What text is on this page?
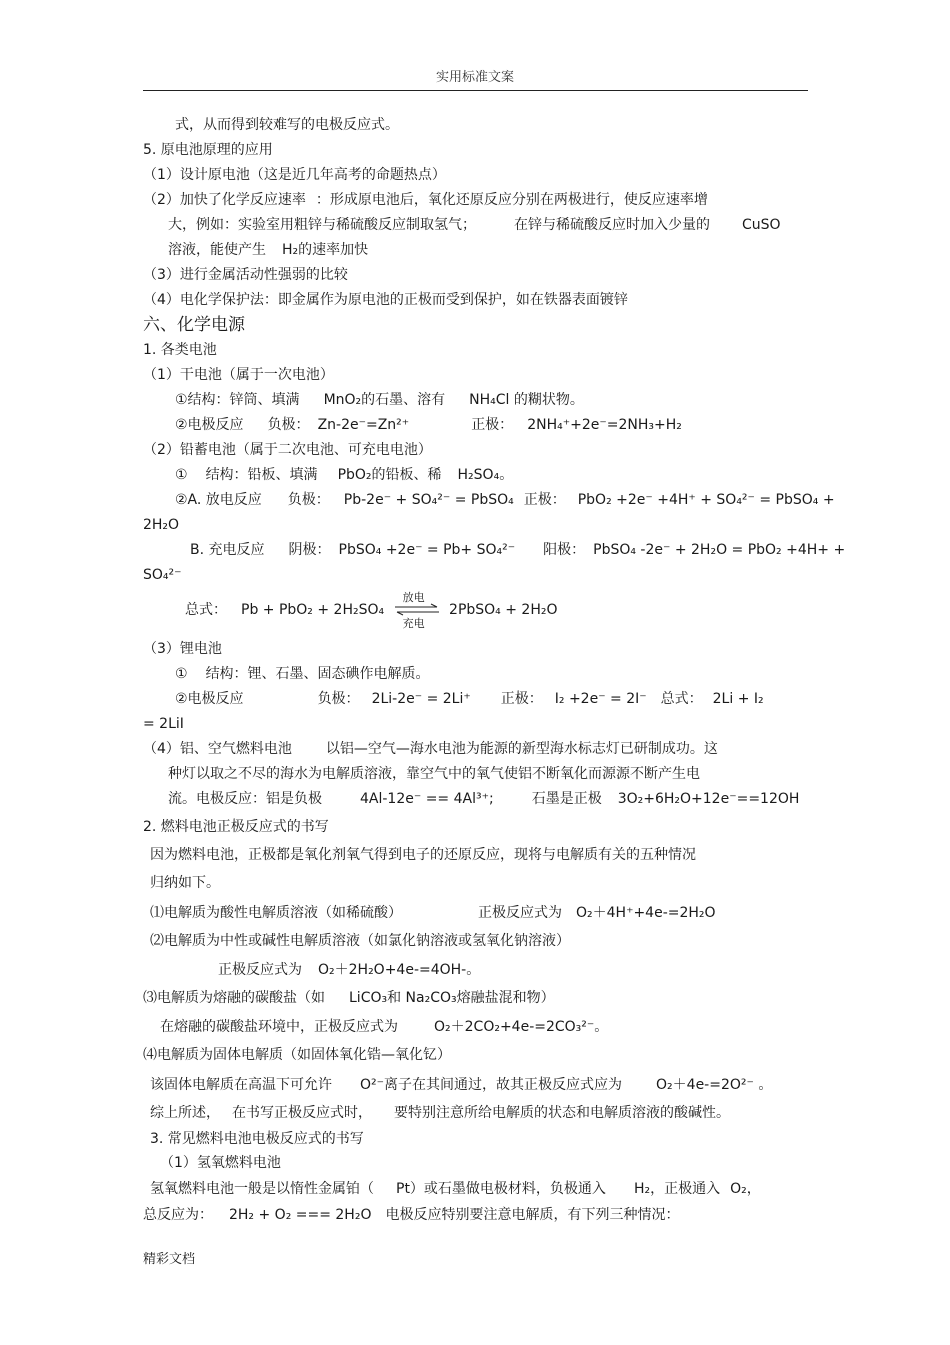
实用标准文案
式，从而得到较难写的电极反应式。
5. 原电池原理的应用
（1）设计原电池（这是近几年高考的命题热点）
（2）加快了化学反应速率 ：形成原电池后，氧化还原反应分别在两极进行，使反应速率增
大，例如：实验室用粗锌与稀硫酸反应制取氢气；	在锌与稀硫酸反应时加入少量的 CuSO
溶液，能使产生 H₂的速率加快
（3）进行金属活动性强弱的比较
（4）电化学保护法：即金属作为原电池的正极而受到保护，如在铁器表面镀锌
六、化学电源
1. 各类电池
（1）干电池（属于一次电池）
①结构：锌筒、填满 MnO₂的石墨、溶有 NH₄Cl 的糊状物。
②电极反应 负极： Zn-2e⁻=Zn²⁺	正极： 2NH₄⁺+2e⁻=2NH₃+H₂
（2）铅蓄电池（属于二次电池、可充电电池）
① 结构：铅板、填满 PbO₂的铅板、稀 H₂SO₄。
②A. 放电反应 负极： Pb-2e⁻ + SO₄²⁻ = PbSO₄ 正极： PbO₂ +2e⁻ +4H⁺ + SO₄²⁻ = PbSO₄ +
2H₂O
B. 充电反应 阴极： PbSO₄ +2e⁻ = Pb+ SO₄²⁻ 阳极： PbSO₄ -2e⁻ + 2H₂O = PbO₂ +4H+ +
SO₄²⁻
总式： Pb + PbO₂ + 2H₂SO₄
放电
充电
2PbSO₄ + 2H₂O
（3）锂电池
① 结构：锂、石墨、固态碘作电解质。
②电极反应	负极： 2Li-2e⁻ = 2Li⁺ 正极： I₂ +2e⁻ = 2I⁻ 总式： 2Li + I₂
= 2LiI
（4）铝、空气燃料电池 以铝—空气—海水电池为能源的新型海水标志灯已研制成功。这
种灯以取之不尽的海水为电解质溶液，靠空气中的氧气使铝不断氧化而源源不断产生电
流。电极反应：铝是负极	4Al-12e⁻ == 4Al³⁺;	石墨是正极 3O₂+6H₂O+12e⁻==12OH
2. 燃料电池正极反应式的书写
因为燃料电池，正极都是氧化剂氧气得到电子的还原反应，现将与电解质有关的五种情况
归纳如下。
⑴电解质为酸性电解质溶液（如稀硫酸）	正极反应式为 O₂＋4H⁺+4e-=2H₂O
⑵电解质为中性或碱性电解质溶液（如氯化钠溶液或氢氧化钠溶液）
正极反应式为 O₂＋2H₂O+4e-=4OH-。
⑶电解质为熔融的碳酸盐（如 LiCO₃和 Na₂CO₃熔融盐混和物）
在熔融的碳酸盐环境中，正极反应式为	O₂＋2CO₂+4e-=2CO₃²⁻。
⑷电解质为固体电解质（如固体氧化锆—氧化钇）
该固体电解质在高温下可允许 O²⁻离子在其间通过，故其正极反应式应为 O₂＋4e-=2O²⁻ 。
综上所述， 在书写正极反应式时， 要特别注意所给电解质的状态和电解质溶液的酸碱性。
3. 常见燃料电池电极反应式的书写
（1）氢氧燃料电池
氢氧燃料电池一般是以惰性金属铂（ Pt）或石墨做电极材料，负极通入 H₂，正极通入 O₂，
总反应为： 2H₂ + O₂ === 2H₂O 电极反应特别要注意电解质，有下列三种情况：
精彩文档
